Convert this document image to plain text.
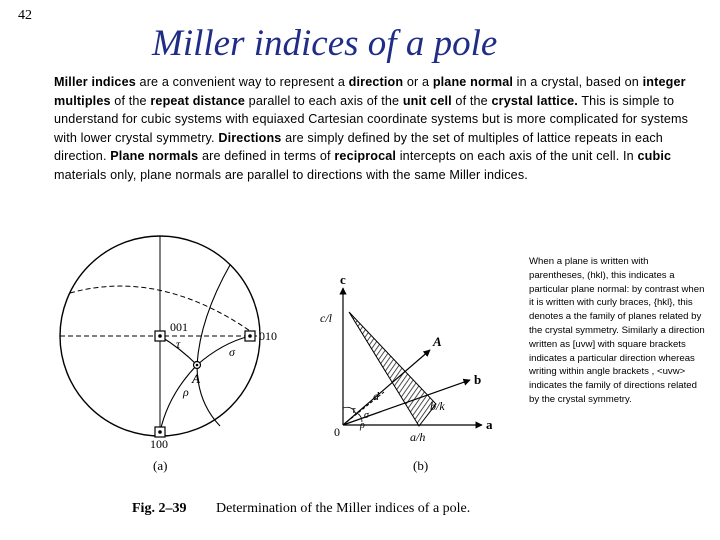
42
Miller indices of a pole
Miller indices are a convenient way to represent a direction or a plane normal in a crystal, based on integer multiples of the repeat distance parallel to each axis of the unit cell of the crystal lattice. This is simple to understand for cubic systems with equiaxed Cartesian coordinate systems but is more complicated for systems with lower crystal symmetry. Directions are simply defined by the set of multiples of lattice repeats in each direction. Plane normals are defined in terms of reciprocal intercepts on each axis of the unit cell. In cubic materials only, plane normals are parallel to directions with the same Miller indices.
001
010
100
A
τ
σ
ρ
(a)
c
c/l
A
b
b/k
d
τ σ
ρ
0	a
a/h
(b)
Fig. 2–39 Determination of the Miller indices of a pole.
When a plane is written with parentheses, (hkl), this indicates a particular plane normal: by contrast when it is written with curly braces, {hkl}, this denotes a the family of planes related by the crystal symmetry. Similarly a direction written as [uvw] with square brackets indicates a particular direction whereas writing within angle brackets , <uvw> indicates the family of directions related by the crystal symmetry.
